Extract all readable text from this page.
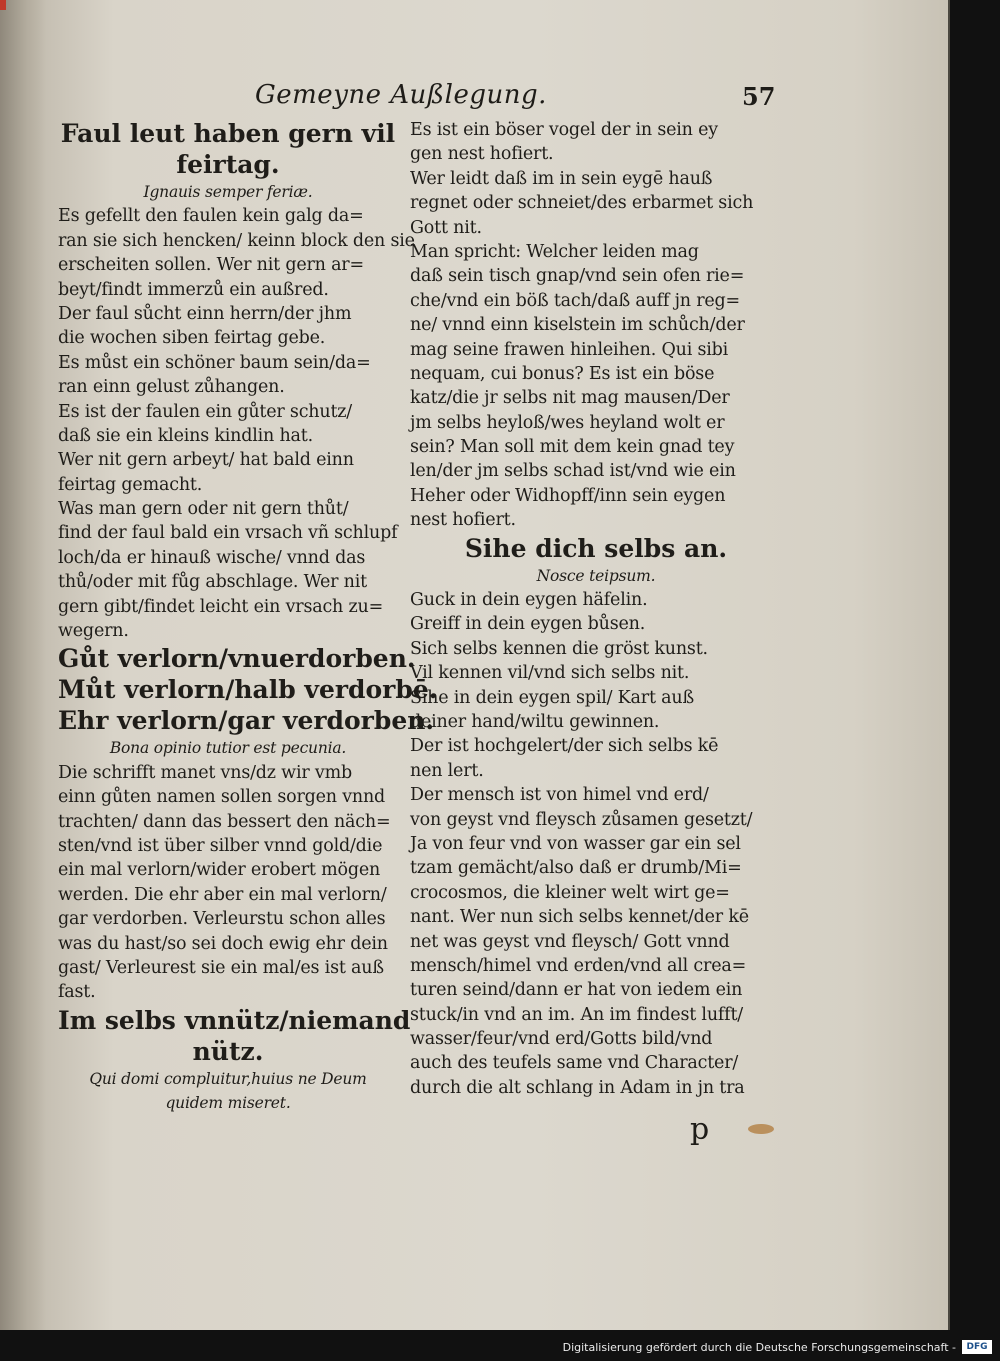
Gemeyne Außlegung.	57
Faul leut haben gern vil
feirtag.
Ignauis semper feriæ.
Es gefellt den faulen kein galg da=
ran sie sich hencken/ keinn block den sie
erscheiten sollen. Wer nit gern ar=
beyt/findt immerzů ein außred.
Der faul sůcht einn herrn/der jhm
die wochen siben feirtag gebe.
Es můst ein schöner baum sein/da=
ran einn gelust zůhangen.
Es ist der faulen ein gůter schutz/
daß sie ein kleins kindlin hat.
Wer nit gern arbeyt/ hat bald einn
feirtag gemacht.
Was man gern oder nit gern thůt/
find der faul bald ein vrsach vñ schlupf
loch/da er hinauß wische/ vnnd das
thů/oder mit fůg abschlage. Wer nit
gern gibt/findet leicht ein vrsach zu=
wegern.
Gůt verlorn/vnuerdorben.
Můt verlorn/halb verdorbē.
Ehr verlorn/gar verdorben.
Bona opinio tutior est pecunia.
Die schrifft manet vns/dz wir vmb
einn gůten namen sollen sorgen vnnd
trachten/ dann das bessert den näch=
sten/vnd ist über silber vnnd gold/die
ein mal verlorn/wider erobert mögen
werden. Die ehr aber ein mal verlorn/
gar verdorben. Verleurstu schon alles
was du hast/so sei doch ewig ehr dein
gast/ Verleurest sie ein mal/es ist auß
fast.
Im selbs vnnütz/niemand
nütz.
Qui domi compluitur,huius ne Deum
quidem miseret.
Es ist ein böser vogel der in sein ey
gen nest hofiert.
Wer leidt daß im in sein eygē hauß
regnet oder schneiet/des erbarmet sich
Gott nit.
Man spricht: Welcher leiden mag
daß sein tisch gnap/vnd sein ofen rie=
che/vnd ein böß tach/daß auff jn reg=
ne/ vnnd einn kiselstein im schůch/der
mag seine frawen hinleihen. Qui sibi
nequam, cui bonus? Es ist ein böse
katz/die jr selbs nit mag mausen/Der
jm selbs heyloß/wes heyland wolt er
sein? Man soll mit dem kein gnad tey
len/der jm selbs schad ist/vnd wie ein
Heher oder Widhopff/inn sein eygen
nest hofiert.
Sihe dich selbs an.
Nosce teipsum.
Guck in dein eygen häfelin.
Greiff in dein eygen bůsen.
Sich selbs kennen die gröst kunst.
Vil kennen vil/vnd sich selbs nit.
Sihe in dein eygen spil/ Kart auß
deiner hand/wiltu gewinnen.
Der ist hochgelert/der sich selbs kē
nen lert.
Der mensch ist von himel vnd erd/
von geyst vnd fleysch zůsamen gesetzt/
Ja von feur vnd von wasser gar ein sel
tzam gemächt/also daß er drumb/Mi=
crocosmos, die kleiner welt wirt ge=
nant. Wer nun sich selbs kennet/der kē
net was geyst vnd fleysch/ Gott vnnd
mensch/himel vnd erden/vnd all crea=
turen seind/dann er hat von iedem ein
stuck/in vnd an im. An im findest lufft/
wasser/feur/vnd erd/Gotts bild/vnd
auch des teufels same vnd Character/
durch die alt schlang in Adam in jn tra
p
Digitalisierung gefördert durch die Deutsche Forschungsgemeinschaft -	DFG
